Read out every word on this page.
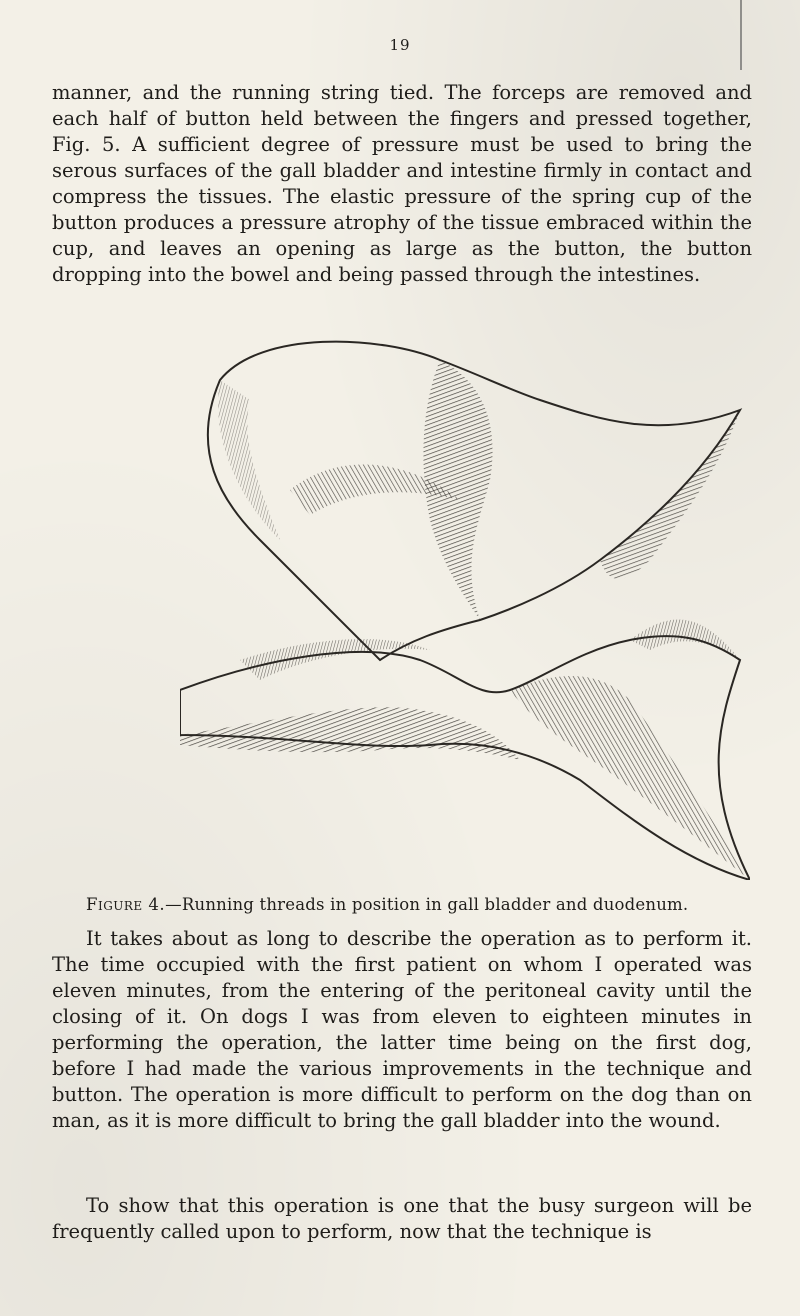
19

manner, and the running string tied. The forceps are removed and each half of button held between the fingers and pressed together, Fig. 5. A sufficient degree of pressure must be used to bring the serous surfaces of the gall bladder and intestine firmly in contact and compress the tissues. The elastic pressure of the spring cup of the button produces a pressure atrophy of the tissue embraced within the cup, and leaves an opening as large as the button, the button dropping into the bowel and being passed through the intestines.

Figure 4.—Running threads in position in gall bladder and duodenum.

It takes about as long to describe the operation as to perform it. The time occupied with the first patient on whom I operated was eleven minutes, from the entering of the peritoneal cavity until the closing of it. On dogs I was from eleven to eighteen minutes in performing the operation, the latter time being on the first dog, before I had made the various improvements in the technique and button. The operation is more difficult to perform on the dog than on man, as it is more difficult to bring the gall bladder into the wound.

To show that this operation is one that the busy surgeon will be frequently called upon to perform, now that the technique is
